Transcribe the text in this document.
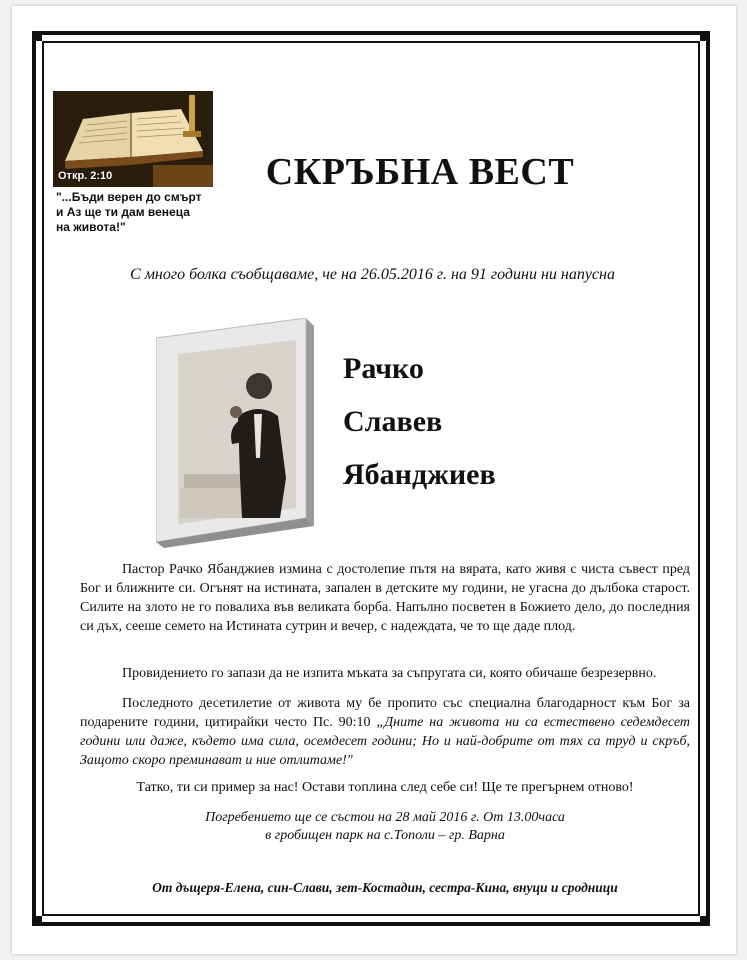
Откр. 2:10
"...Бъди верен до смърт
и Аз ще ти дам венеца
на живота!"
СКРЪБНА ВЕСТ
С много болка съобщаваме, че на 26.05.2016 г. на 91 години ни напусна
Рачко
Славев
Ябанджиев

Пастор Рачко Ябанджиев измина с достолепие пътя на вярата, като живя с чиста съвест пред Бог и ближните си. Огънят на истината, запален в детските му години, не угасна до дълбока старост. Силите на злото не го повалиха във великата борба. Напълно посветен в Божието дело, до последния си дъх, сееше семето на Истината сутрин и вечер, с надеждата, че то ще даде плод.

Провидението го запази да не изпита мъката за съпругата си, която обичаше безрезервно.

Последното десетилетие от живота му бе пропито със специална благодарност към Бог за подарените години, цитирайки често Пс. 90:10 „Дните на живота ни са естествено седемдесет години или даже, където има сила, осемдесет години; Но и най-добрите от тях са труд и скръб, Защото скоро преминават и ние отлитаме!"

Татко, ти си пример за нас! Остави топлина след себе си! Ще те прегърнем отново!
Погребението ще се състои на 28 май 2016 г. От 13.00часа
в гробищен парк на с.Тополи – гр. Варна
От дъщеря-Елена, син-Слави, зет-Костадин, сестра-Кина, внуци и сродници
